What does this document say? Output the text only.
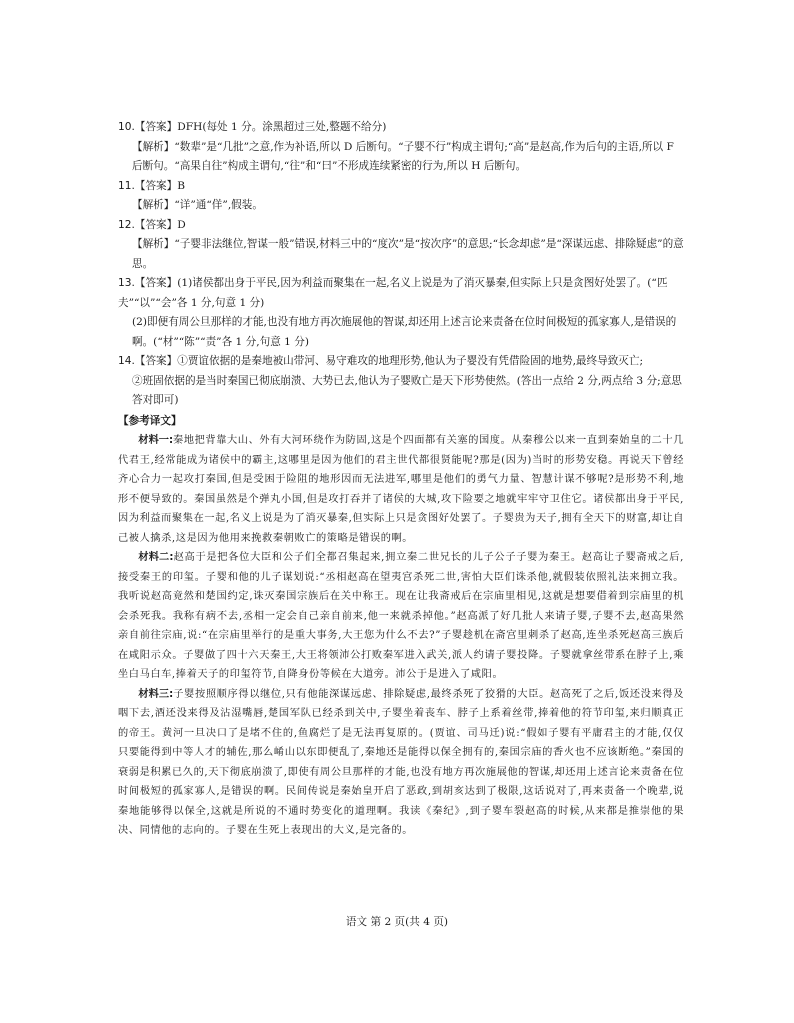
10.【答案】DFH(每处 1 分。涂黑超过三处,整题不给分)
【解析】“数辈”是“几批”之意,作为补语,所以 D 后断句。“子婴不行”构成主谓句;“高”是赵高,作为后句的主语,所以 F 后断句。“高果自往”构成主谓句,“往”和“曰”不形成连续紧密的行为,所以 H 后断句。
11.【答案】B
【解析】“详”通“佯”,假装。
12.【答案】D
【解析】“子婴非法继位,智谋一般”错误,材料三中的“度次”是“按次序”的意思;“长念却虑”是“深谋远虑、排除疑虑”的意思。
13.【答案】(1)诸侯都出身于平民,因为利益而聚集在一起,名义上说是为了消灭暴秦,但实际上只是贪图好处罢了。(“匹夫”“以”“会”各 1 分,句意 1 分)
(2)即便有周公旦那样的才能,也没有地方再次施展他的智谋,却还用上述言论来责备在位时间极短的孤家寡人,是错误的啊。(“材”“陈”“责”各 1 分,句意 1 分)
14.【答案】①贾谊依据的是秦地被山带河、易守难攻的地理形势,他认为子婴没有凭借险固的地势,最终导致灭亡;
②班固依据的是当时秦国已彻底崩溃、大势已去,他认为子婴败亡是天下形势使然。(答出一点给 2 分,两点给 3 分;意思答对即可)
【参考译文】

材料一:秦地把背靠大山、外有大河环绕作为防固,这是个四面都有关塞的国度。从秦穆公以来一直到秦始皇的二十几代君王,经常能成为诸侯中的霸主,这哪里是因为他们的君主世代都很贤能呢?那是(因为)当时的形势安稳。再说天下曾经齐心合力一起攻打秦国,但是受困于险阻的地形因而无法进军,哪里是他们的勇气力量、智慧计谋不够呢?是形势不利,地形不便导致的。秦国虽然是个弹丸小国,但是攻打吞并了诸侯的大城,攻下险要之地就牢牢守卫住它。诸侯都出身于平民,因为利益而聚集在一起,名义上说是为了消灭暴秦,但实际上只是贪图好处罢了。子婴贵为天子,拥有全天下的财富,却让自己被人擒杀,这是因为他用来挽救秦朝败亡的策略是错误的啊。

材料二:赵高于是把各位大臣和公子们全都召集起来,拥立秦二世兄长的儿子公子子婴为秦王。赵高让子婴斋戒之后,接受秦王的印玺。子婴和他的儿子谋划说:“丞相赵高在望夷宫杀死二世,害怕大臣们诛杀他,就假装依照礼法来拥立我。我听说赵高竟然和楚国约定,诛灭秦国宗族后在关中称王。现在让我斋戒后在宗庙里相见,这就是想要借着到宗庙里的机会杀死我。我称有病不去,丞相一定会自己亲自前来,他一来就杀掉他。”赵高派了好几批人来请子婴,子婴不去,赵高果然亲自前往宗庙,说:“在宗庙里举行的是重大事务,大王您为什么不去?”子婴趁机在斋宫里刺杀了赵高,连坐杀死赵高三族后在咸阳示众。子婴做了四十六天秦王,大王将领沛公打败秦军进入武关,派人约请子婴投降。子婴就拿丝带系在脖子上,乘坐白马白车,捧着天子的印玺符节,自降身份等候在大道旁。沛公于是进入了咸阳。

材料三:子婴按照顺序得以继位,只有他能深谋远虑、排除疑虑,最终杀死了狡猾的大臣。赵高死了之后,饭还没来得及咽下去,酒还没来得及沾湿嘴唇,楚国军队已经杀到关中,子婴坐着丧车、脖子上系着丝带,捧着他的符节印玺,来归顺真正的帝王。黄河一旦决口了是堵不住的,鱼腐烂了是无法再复原的。(贾谊、司马迁)说:“假如子婴有平庸君主的才能,仅仅只要能得到中等人才的辅佐,那么崤山以东即便乱了,秦地还是能得以保全拥有的,秦国宗庙的香火也不应该断绝。”秦国的衰弱是积累已久的,天下彻底崩溃了,即使有周公旦那样的才能,也没有地方再次施展他的智谋,却还用上述言论来责备在位时间极短的孤家寡人,是错误的啊。民间传说是秦始皇开启了恶政,到胡亥达到了极限,这话说对了,再来责备一个晚辈,说秦地能够得以保全,这就是所说的不通时势变化的道理啊。我读《秦纪》,到子婴车裂赵高的时候,从来都是推崇他的果决、同情他的志向的。子婴在生死上表现出的大义,是完备的。

语文 第 2 页(共 4 页)
